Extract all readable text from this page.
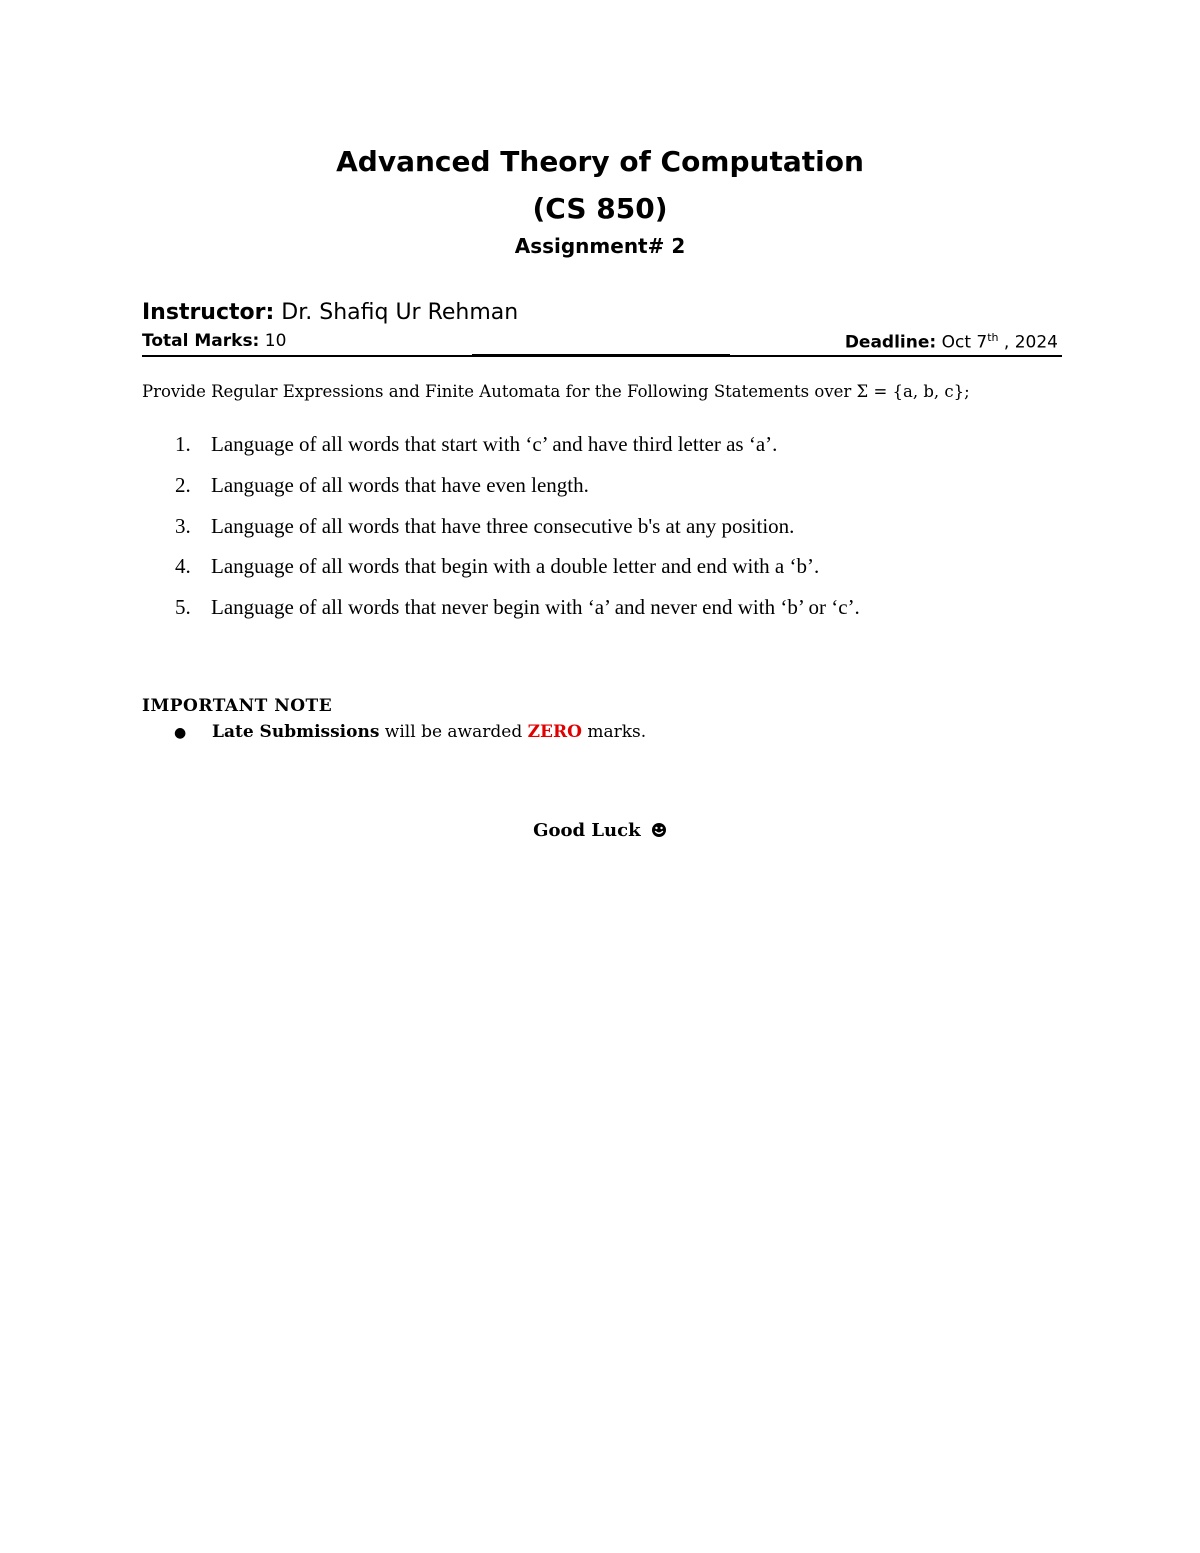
Advanced Theory of Computation
(CS 850)
Assignment# 2
Instructor: Dr. Shafiq Ur Rehman
Total Marks: 10	Deadline: Oct 7th , 2024
Provide Regular Expressions and Finite Automata for the Following Statements over Σ = {a, b, c};
1. Language of all words that start with ‘c’ and have third letter as ‘a’.
2. Language of all words that have even length.
3. Language of all words that have three consecutive b's at any position.
4. Language of all words that begin with a double letter and end with a ‘b’.
5. Language of all words that never begin with ‘a’ and never end with ‘b’ or ‘c’.
IMPORTANT NOTE
● Late Submissions will be awarded ZERO marks.
Good Luck
